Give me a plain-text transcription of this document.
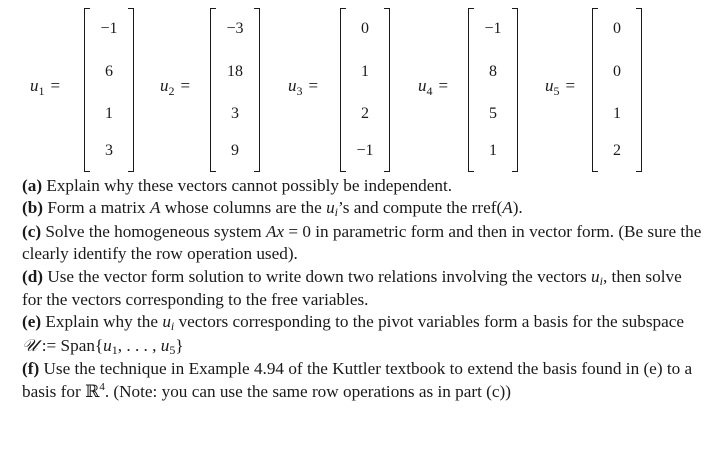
$u_1$ =
−1
6
1
3
$u_2$ =
−3
18
3
9
$u_3$ =
0
1
2
−1
$u_4$ =
−1
8
5
1
$u_5$ =
0
0
1
2

(a) Explain why these vectors cannot possibly be independent.

(b) Form a matrix A whose columns are the ui’s and compute the rref(A).

(c) Solve the homogeneous system Ax = 0 in parametric form and then in vector form. (Be sure the clearly identify the row operation used).

(d) Use the vector form solution to write down two relations involving the vectors ui, then solve for the vectors corresponding to the free variables.

(e) Explain why the ui vectors corresponding to the pivot variables form a basis for the subspace 𝒰 := Span{u1, . . . , u5}

(f) Use the technique in Example 4.94 of the Kuttler textbook to extend the basis found in (e) to a basis for ℝ$^4$. (Note: you can use the same row operations as in part (c))
